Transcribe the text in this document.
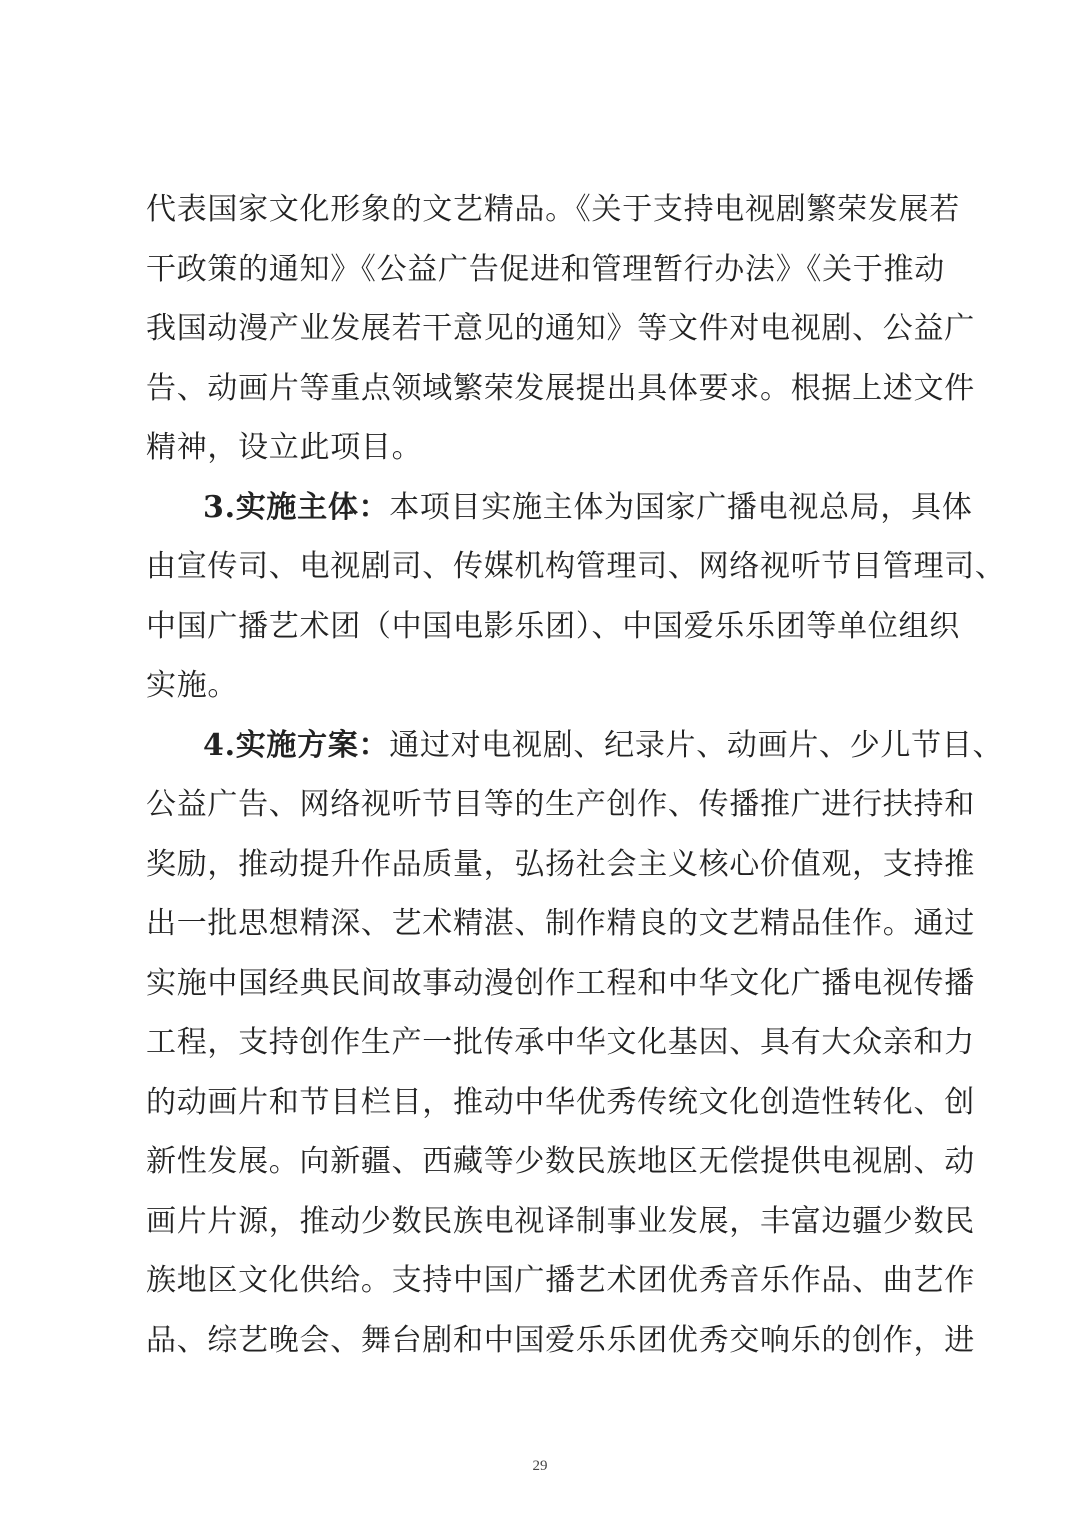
代表国家文化形象的文艺精品。《关于支持电视剧繁荣发展若
干政策的通知》《公益广告促进和管理暂行办法》《关于推动
我国动漫产业发展若干意见的通知》等文件对电视剧、公益广
告、动画片等重点领域繁荣发展提出具体要求。根据上述文件
精神，设立此项目。
3.实施主体：本项目实施主体为国家广播电视总局，具体
由宣传司、电视剧司、传媒机构管理司、网络视听节目管理司、
中国广播艺术团（中国电影乐团）、中国爱乐乐团等单位组织
实施。
4.实施方案：通过对电视剧、纪录片、动画片、少儿节目、
公益广告、网络视听节目等的生产创作、传播推广进行扶持和
奖励，推动提升作品质量，弘扬社会主义核心价值观，支持推
出一批思想精深、艺术精湛、制作精良的文艺精品佳作。通过
实施中国经典民间故事动漫创作工程和中华文化广播电视传播
工程，支持创作生产一批传承中华文化基因、具有大众亲和力
的动画片和节目栏目，推动中华优秀传统文化创造性转化、创
新性发展。向新疆、西藏等少数民族地区无偿提供电视剧、动
画片片源，推动少数民族电视译制事业发展，丰富边疆少数民
族地区文化供给。支持中国广播艺术团优秀音乐作品、曲艺作
品、综艺晚会、舞台剧和中国爱乐乐团优秀交响乐的创作，进
29
